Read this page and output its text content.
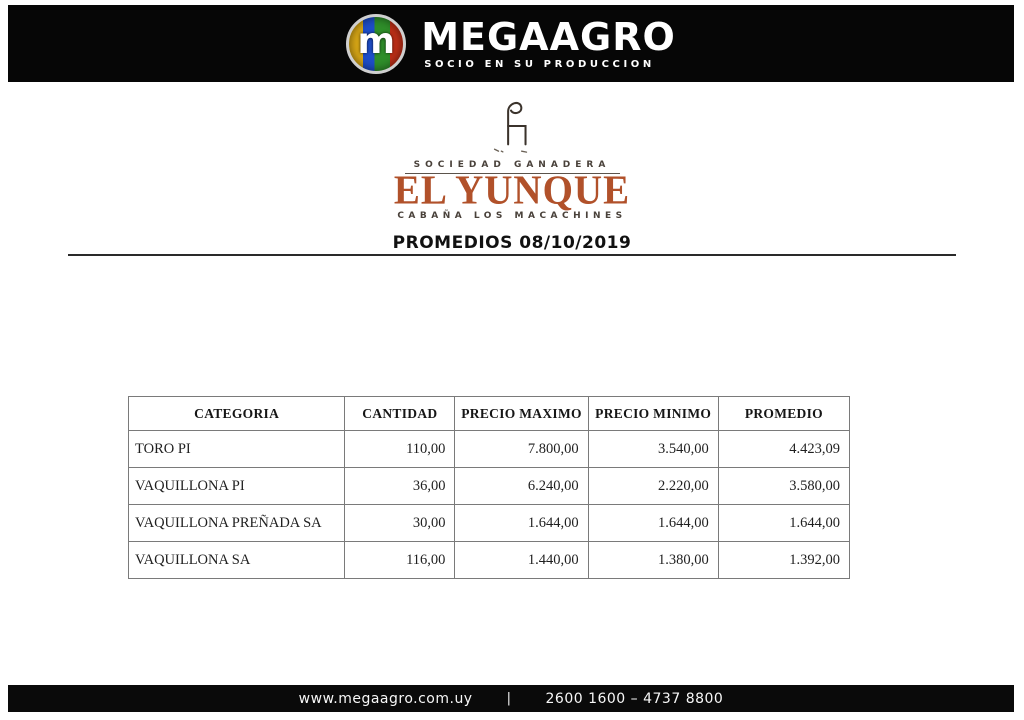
m MEGAAGRO
SOCIO EN SU PRODUCCION
SOCIEDAD GANADERA
EL YUNQUE
CABAÑA LOS MACACHINES
PROMEDIOS 08/10/2019
CATEGORIA	CANTIDAD	PRECIO MAXIMO	PRECIO MINIMO	PROMEDIO
TORO PI	110,00	7.800,00	3.540,00	4.423,09
VAQUILLONA PI	36,00	6.240,00	2.220,00	3.580,00
VAQUILLONA PREÑADA SA	30,00	1.644,00	1.644,00	1.644,00
VAQUILLONA SA	116,00	1.440,00	1.380,00	1.392,00
www.megaagro.com.uy	| 2600 1600 – 4737 8800
